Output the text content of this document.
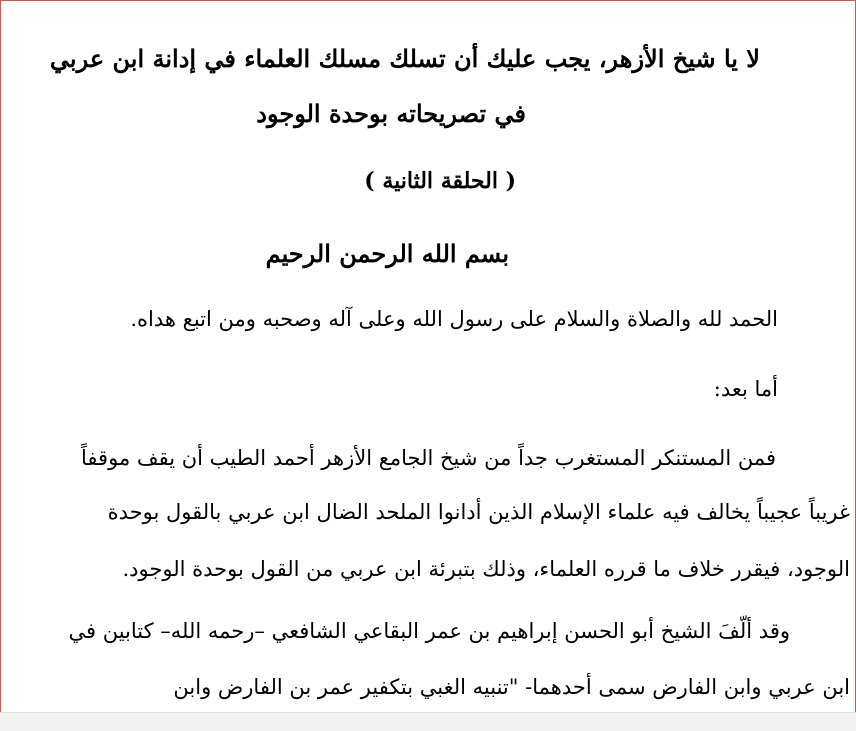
لا يا شيخ الأزهر، يجب عليك أن تسلك مسلك العلماء في إدانة ابن عربي
في تصريحاته بوحدة الوجود
( الحلقة الثانية )
بسم الله الرحمن الرحيم
الحمد لله والصلاة والسلام على رسول الله وعلى آله وصحبه ومن اتبع هداه.
أما بعد:
فمن المستنكر المستغرب جداً من شيخ الجامع الأزهر أحمد الطيب أن يقف موقفاً
غريباً عجيباً يخالف فيه علماء الإسلام الذين أدانوا الملحد الضال ابن عربي بالقول بوحدة
الوجود، فيقرر خلاف ما قرره العلماء، وذلك بتبرئة ابن عربي من القول بوحدة الوجود.
وقد ألّفَ الشيخ أبو الحسن إبراهيم بن عمر البقاعي الشافعي –رحمه الله– كتابين في
ابن عربي وابن الفارض سمى أحدهما- "تنبيه الغبي بتكفير عمر بن الفارض وابن
